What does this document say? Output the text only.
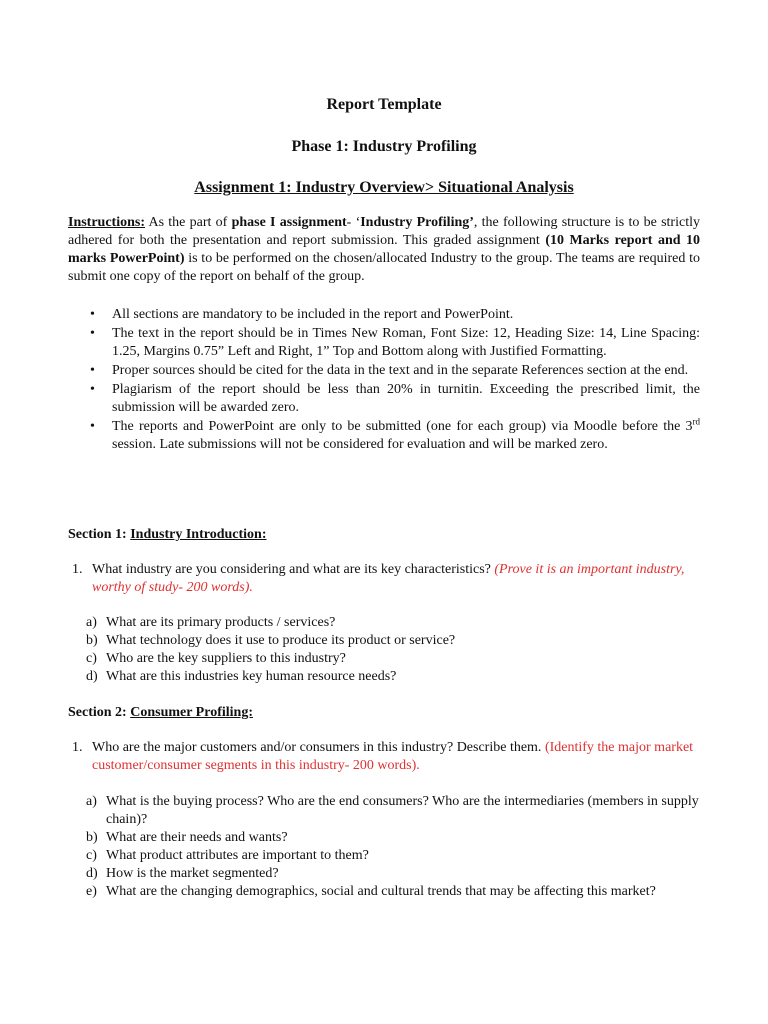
Report Template
Phase 1: Industry Profiling
Assignment 1: Industry Overview> Situational Analysis
Instructions: As the part of phase I assignment- ‘Industry Profiling’, the following structure is to be strictly adhered for both the presentation and report submission. This graded assignment (10 Marks report and 10 marks PowerPoint) is to be performed on the chosen/allocated Industry to the group. The teams are required to submit one copy of the report on behalf of the group.
• All sections are mandatory to be included in the report and PowerPoint.
• The text in the report should be in Times New Roman, Font Size: 12, Heading Size: 14, Line Spacing: 1.25, Margins 0.75” Left and Right, 1” Top and Bottom along with Justified Formatting.
• Proper sources should be cited for the data in the text and in the separate References section at the end.
• Plagiarism of the report should be less than 20% in turnitin. Exceeding the prescribed limit, the submission will be awarded zero.
• The reports and PowerPoint are only to be submitted (one for each group) via Moodle before the 3rd session. Late submissions will not be considered for evaluation and will be marked zero.
Section 1: Industry Introduction:
1. What industry are you considering and what are its key characteristics? (Prove it is an important industry, worthy of study- 200 words).
a) What are its primary products / services?
b) What technology does it use to produce its product or service?
c) Who are the key suppliers to this industry?
d) What are this industries key human resource needs?
Section 2: Consumer Profiling:
1. Who are the major customers and/or consumers in this industry? Describe them. (Identify the major market customer/consumer segments in this industry- 200 words).
a) What is the buying process? Who are the end consumers? Who are the intermediaries (members in supply chain)?
b) What are their needs and wants?
c) What product attributes are important to them?
d) How is the market segmented?
e) What are the changing demographics, social and cultural trends that may be affecting this market?
